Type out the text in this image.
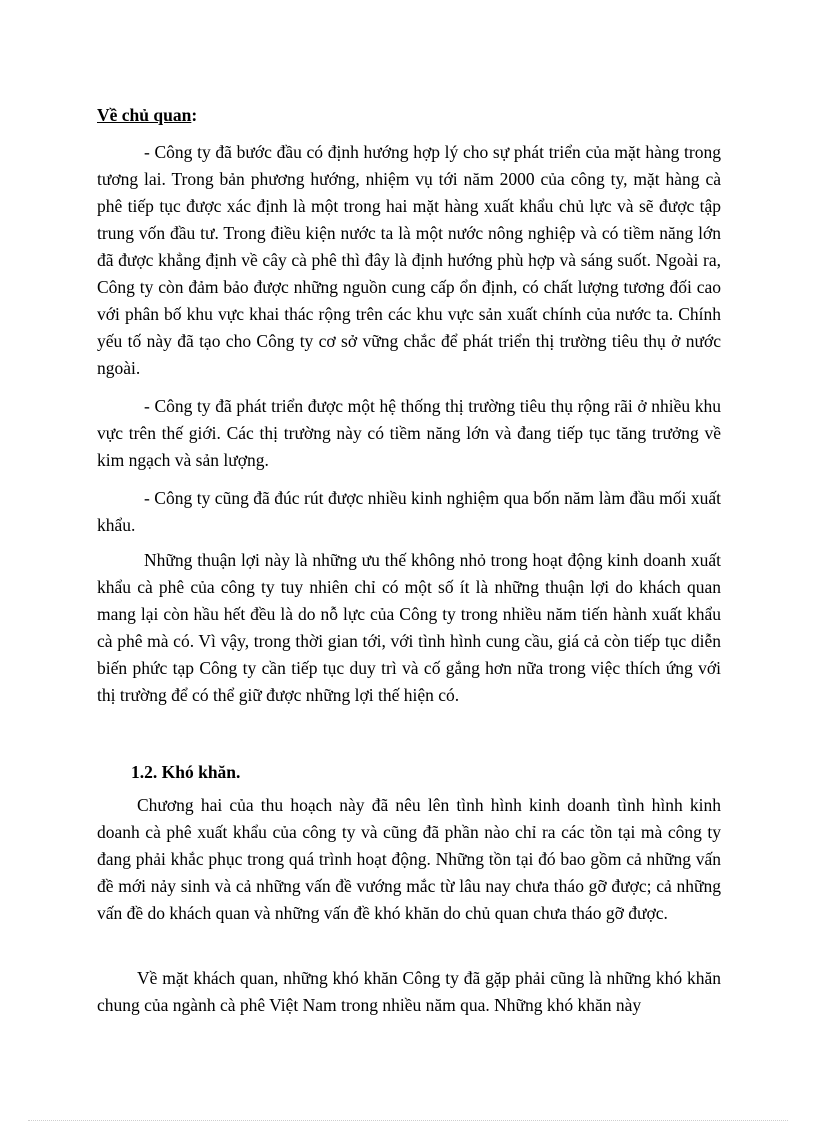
Về chủ quan:

- Công ty đã bước đầu có định hướng hợp lý cho sự phát triển của mặt hàng trong tương lai. Trong bản phương hướng, nhiệm vụ tới năm 2000 của công ty, mặt hàng cà phê tiếp tục được xác định là một trong hai mặt hàng xuất khẩu chủ lực và sẽ được tập trung vốn đầu tư. Trong điều kiện nước ta là một nước nông nghiệp và có tiềm năng lớn đã được khẳng định về cây cà phê thì đây là định hướng phù hợp và sáng suốt. Ngoài ra, Công ty còn đảm bảo được những nguồn cung cấp ổn định, có chất lượng tương đối cao với phân bố khu vực khai thác rộng trên các khu vực sản xuất chính của nước ta. Chính yếu tố này đã tạo cho Công ty cơ sở vững chắc để phát triển thị trường tiêu thụ ở nước ngoài.

- Công ty đã phát triển được một hệ thống thị trường tiêu thụ rộng rãi ở nhiều khu vực trên thế giới. Các thị trường này có tiềm năng lớn và đang tiếp tục tăng trưởng về kim ngạch và sản lượng.

- Công ty cũng đã đúc rút được nhiều kinh nghiệm qua bốn năm làm đầu mối xuất khẩu.

Những thuận lợi này là những ưu thế không nhỏ trong hoạt động kinh doanh xuất khẩu cà phê của công ty tuy nhiên chỉ có một số ít là những thuận lợi do khách quan mang lại còn hầu hết đều là do nỗ lực của Công ty trong nhiều năm tiến hành xuất khẩu cà phê mà có. Vì vậy, trong thời gian tới, với tình hình cung cầu, giá cả còn tiếp tục diễn biến phức tạp Công ty cần tiếp tục duy trì và cố gắng hơn nữa trong việc thích ứng với thị trường để có thể giữ được những lợi thế hiện có.

1.2. Khó khăn.

Chương hai của thu hoạch này đã nêu lên tình hình kinh doanh tình hình kinh doanh cà phê xuất khẩu của công ty và cũng đã phần nào chỉ ra các tồn tại mà công ty đang phải khắc phục trong quá trình hoạt động. Những tồn tại đó bao gồm cả những vấn đề mới nảy sinh và cả những vấn đề vướng mắc từ lâu nay chưa tháo gỡ được; cả những vấn đề do khách quan và những vấn đề khó khăn do chủ quan chưa tháo gỡ được.

Về mặt khách quan, những khó khăn Công ty đã gặp phải cũng là những khó khăn chung của ngành cà phê Việt Nam trong nhiều năm qua. Những khó khăn này
